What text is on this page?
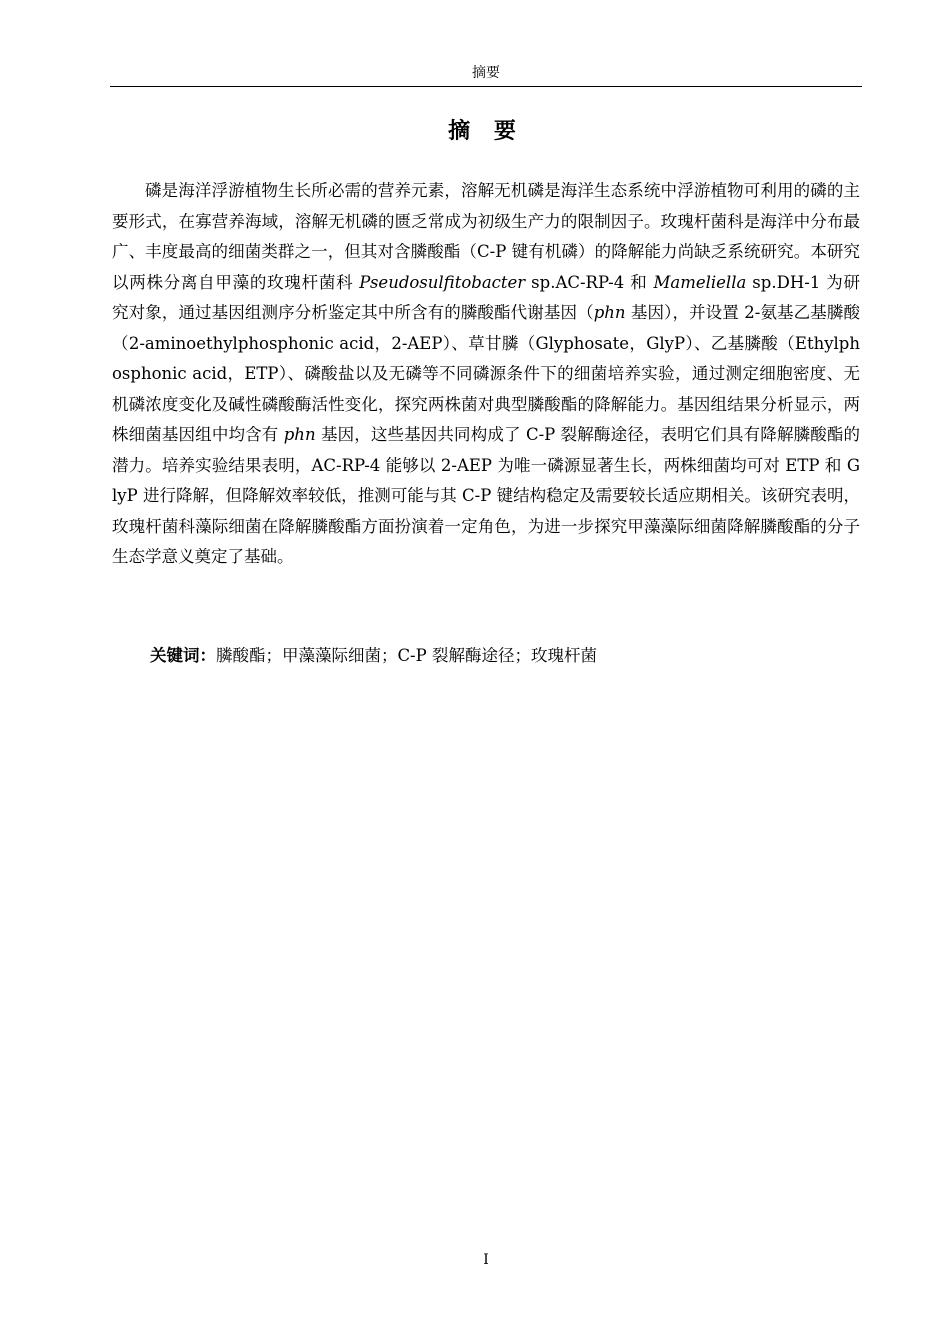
摘要
摘 要

磷是海洋浮游植物生长所必需的营养元素，溶解无机磷是海洋生态系统中浮游植物可利用的磷的主要形式，在寡营养海域，溶解无机磷的匮乏常成为初级生产力的限制因子。玫瑰杆菌科是海洋中分布最广、丰度最高的细菌类群之一，但其对含膦酸酯（C-P 键有机磷）的降解能力尚缺乏系统研究。本研究以两株分离自甲藻的玫瑰杆菌科 Pseudosulfitobacter sp.AC-RP-4 和 Mameliella sp.DH-1 为研究对象，通过基因组测序分析鉴定其中所含有的膦酸酯代谢基因（phn 基因），并设置 2-氨基乙基膦酸（2-aminoethylphosphonic acid，2-AEP）、草甘膦（Glyphosate，GlyP）、乙基膦酸（Ethylphosphonic acid，ETP）、磷酸盐以及无磷等不同磷源条件下的细菌培养实验，通过测定细胞密度、无机磷浓度变化及碱性磷酸酶活性变化，探究两株菌对典型膦酸酯的降解能力。基因组结果分析显示，两株细菌基因组中均含有 phn 基因，这些基因共同构成了 C-P 裂解酶途径，表明它们具有降解膦酸酯的潜力。培养实验结果表明，AC-RP-4 能够以 2-AEP 为唯一磷源显著生长，两株细菌均可对 ETP 和 GlyP 进行降解，但降解效率较低，推测可能与其 C-P 键结构稳定及需要较长适应期相关。该研究表明，玫瑰杆菌科藻际细菌在降解膦酸酯方面扮演着一定角色，为进一步探究甲藻藻际细菌降解膦酸酯的分子生态学意义奠定了基础。

关键词：膦酸酯；甲藻藻际细菌；C-P 裂解酶途径；玫瑰杆菌

I
